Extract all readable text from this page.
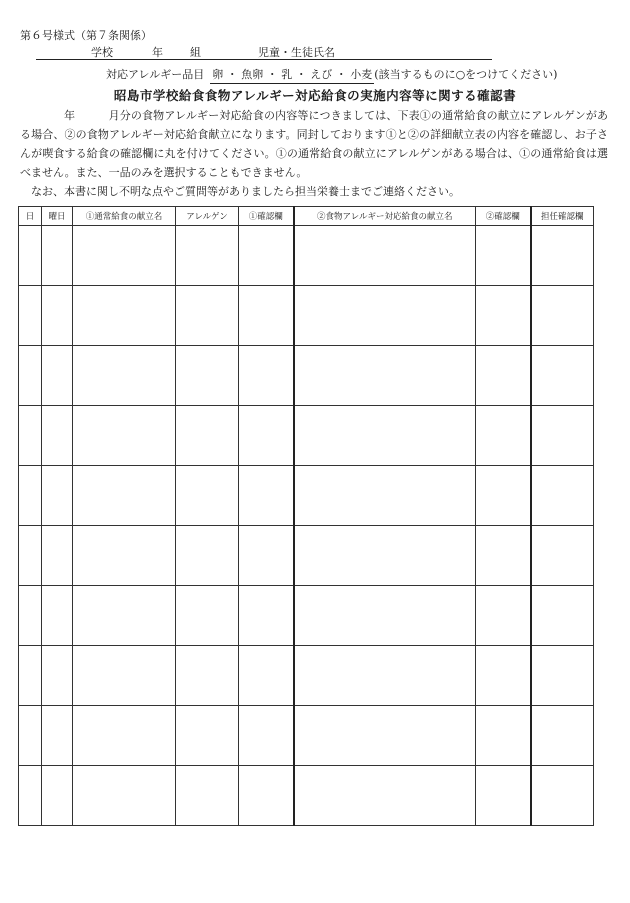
第６号様式（第７条関係）
学校	年 組	児童・生徒氏名
対応アレルギー品目 卵 ・ 魚卵 ・ 乳 ・ えび ・ 小麦 (該当するものに○をつけてください)
昭島市学校給食食物アレルギー対応給食の実施内容等に関する確認書

年　　　月分の食物アレルギー対応給食の内容等につきましては、下表①の通常給食の献立にアレルゲンがある場合、②の食物アレルギー対応給食献立になります。同封しております①と②の詳細献立表の内容を確認し、お子さんが喫食する給食の確認欄に丸を付けてください。①の通常給食の献立にアレルゲンがある場合は、①の通常給食は選べません。また、一品のみを選択することもできません。

なお、本書に関し不明な点やご質問等がありましたら担当栄養士までご連絡ください。

日	曜日	①通常給食の献立名	アレルゲン	①確認欄	②食物アレルギー対応給食の献立名	②確認欄	担任確認欄
